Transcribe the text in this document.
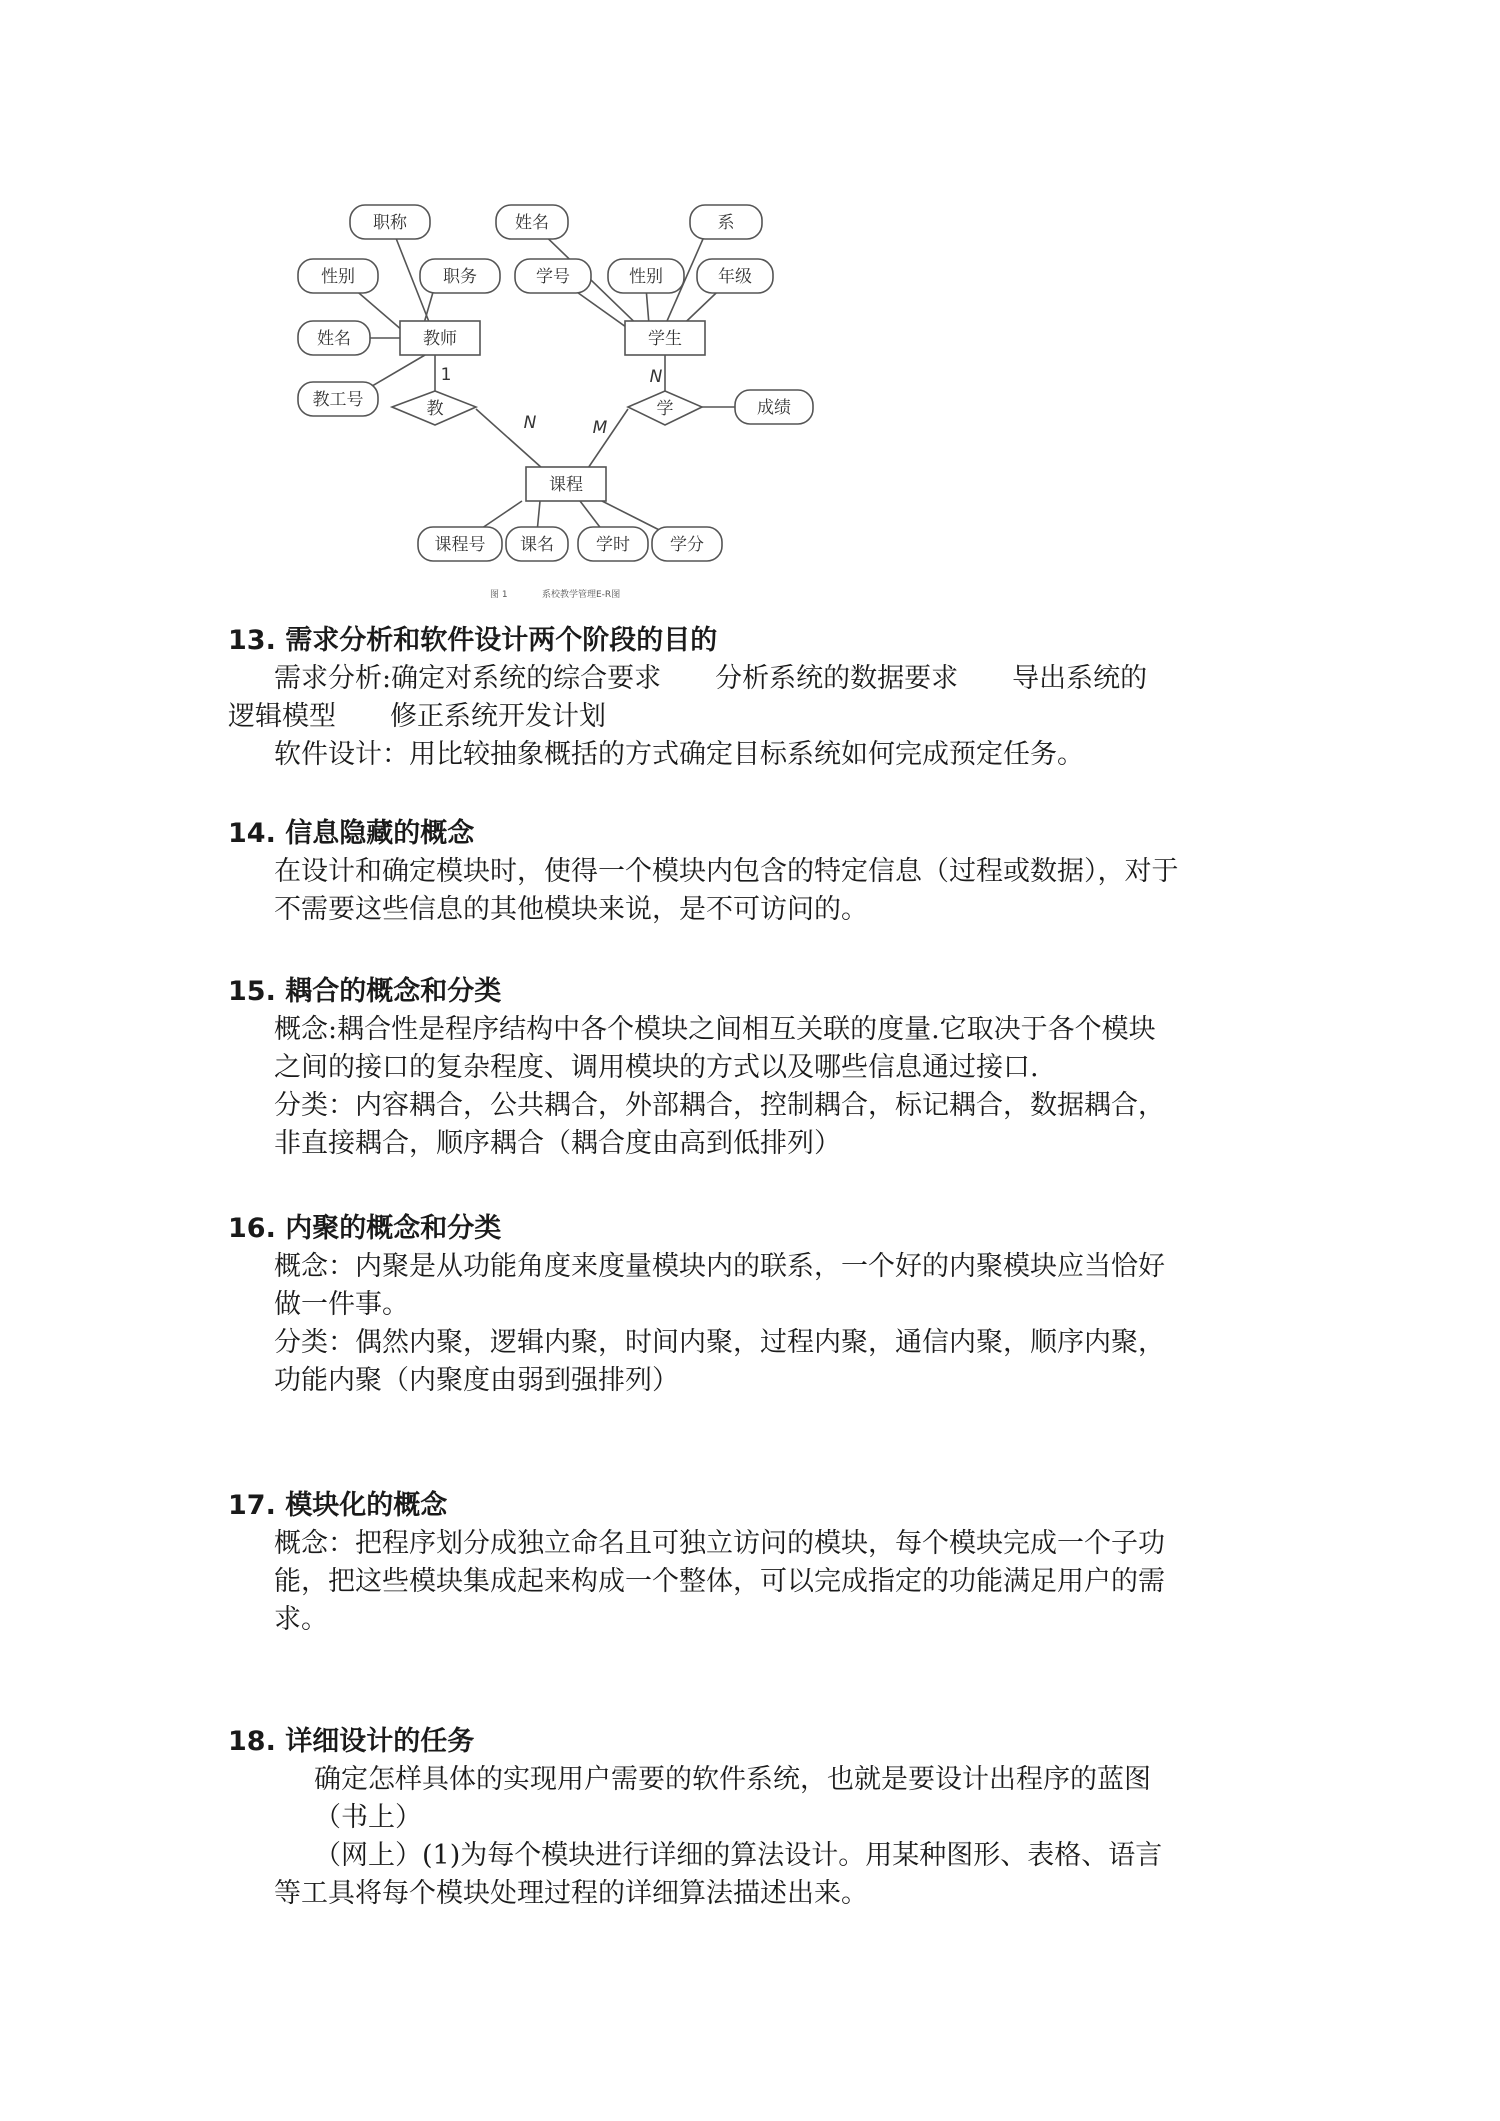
职称
性别	职务
姓名
教工号
教师
姓名	系
学号	性别	年级
学生
教	学	成绩
课程
课程号 课名 学时 学分
1	N
N	M
图 1	系校教学管理E-R图

13. 需求分析和软件设计两个阶段的目的

需求分析:确定对系统的综合要求　　分析系统的数据要求　　导出系统的

逻辑模型　　修正系统开发计划

软件设计：用比较抽象概括的方式确定目标系统如何完成预定任务。

14. 信息隐藏的概念

在设计和确定模块时，使得一个模块内包含的特定信息（过程或数据），对于

不需要这些信息的其他模块来说，是不可访问的。

15. 耦合的概念和分类

概念:耦合性是程序结构中各个模块之间相互关联的度量.它取决于各个模块

之间的接口的复杂程度、调用模块的方式以及哪些信息通过接口.

分类：内容耦合，公共耦合，外部耦合，控制耦合，标记耦合，数据耦合，

非直接耦合，顺序耦合（耦合度由高到低排列）

16. 内聚的概念和分类

概念：内聚是从功能角度来度量模块内的联系，一个好的内聚模块应当恰好

做一件事。

分类：偶然内聚，逻辑内聚，时间内聚，过程内聚，通信内聚，顺序内聚，

功能内聚（内聚度由弱到强排列）

17. 模块化的概念

概念：把程序划分成独立命名且可独立访问的模块，每个模块完成一个子功

能，把这些模块集成起来构成一个整体，可以完成指定的功能满足用户的需

求。

18. 详细设计的任务

确定怎样具体的实现用户需要的软件系统，也就是要设计出程序的蓝图

（书上）

（网上）(1)为每个模块进行详细的算法设计。用某种图形、表格、语言

等工具将每个模块处理过程的详细算法描述出来。
